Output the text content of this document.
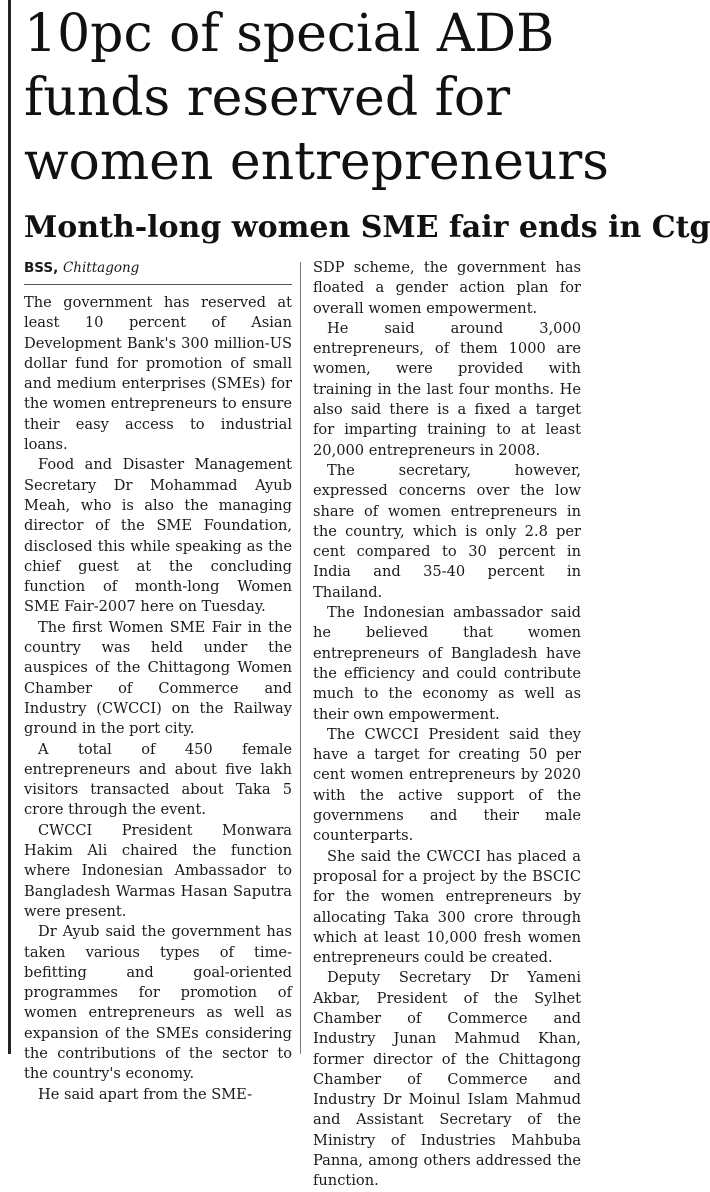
10pc of special ADB
funds reserved for
women entrepreneurs
Month-long women SME fair ends in Ctg

BSS, Chittagong

The government has reserved at least 10 percent of Asian Development Bank's 300 million-US dollar fund for promotion of small and medium enterprises (SMEs) for the women entrepreneurs to ensure their easy access to industrial loans.

Food and Disaster Management Secretary Dr Mohammad Ayub Meah, who is also the managing director of the SME Foundation, disclosed this while speaking as the chief guest at the concluding function of month-long Women SME Fair-2007 here on Tuesday.

The first Women SME Fair in the country was held under the auspices of the Chittagong Women Chamber of Commerce and Industry (CWCCI) on the Railway ground in the port city.

A total of 450 female entrepreneurs and about five lakh visitors transacted about Taka 5 crore through the event.

CWCCI President Monwara Hakim Ali chaired the function where Indonesian Ambassador to Bangladesh Warmas Hasan Saputra were present.

Dr Ayub said the government has taken various types of time-befitting and goal-oriented programmes for promotion of women entrepreneurs as well as expansion of the SMEs considering the contributions of the sector to the country's economy.

He said apart from the SME-

SDP scheme, the government has floated a gender action plan for overall women empowerment.

He said around 3,000 entrepreneurs, of them 1000 are women, were provided with training in the last four months. He also said there is a fixed a target for imparting training to at least 20,000 entrepreneurs in 2008.

The secretary, however, expressed concerns over the low share of women entrepreneurs in the country, which is only 2.8 per cent compared to 30 percent in India and 35-40 percent in Thailand.

The Indonesian ambassador said he believed that women entrepreneurs of Bangladesh have the efficiency and could contribute much to the economy as well as their own empowerment.

The CWCCI President said they have a target for creating 50 per cent women entrepreneurs by 2020 with the active support of the governmens and their male counterparts.

She said the CWCCI has placed a proposal for a project by the BSCIC for the women entrepreneurs by allocating Taka 300 crore through which at least 10,000 fresh women entrepreneurs could be created.

Deputy Secretary Dr Yameni Akbar, President of the Sylhet Chamber of Commerce and Industry Junan Mahmud Khan, former director of the Chittagong Chamber of Commerce and Industry Dr Moinul Islam Mahmud and Assistant Secretary of the Ministry of Industries Mahbuba Panna, among others addressed the function.
